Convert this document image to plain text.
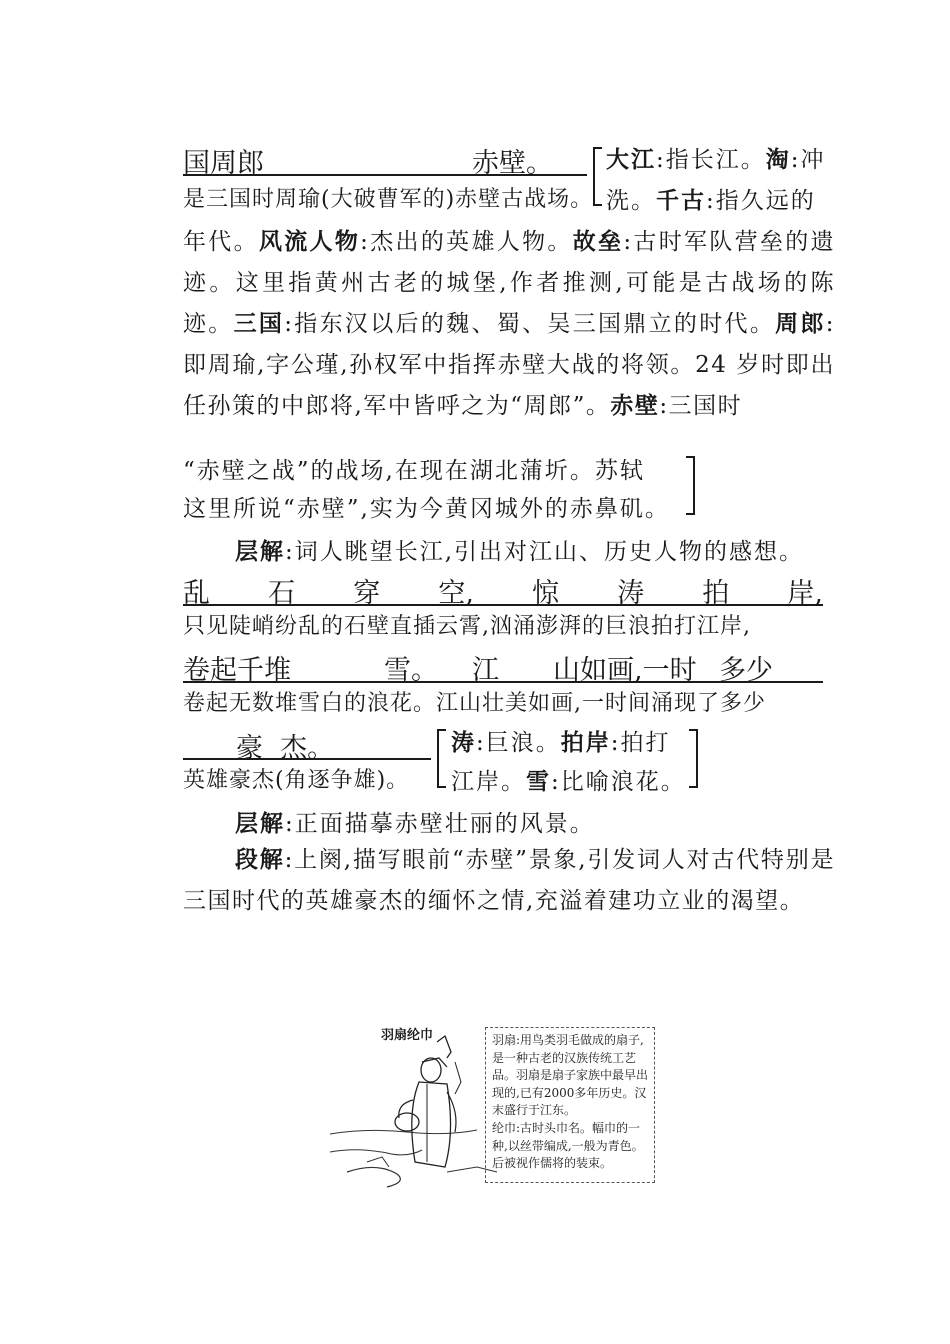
国周郎	赤壁。
是三国时周瑜(大破曹军的)赤壁古战场。
大江:指长江。淘:冲
洗。千古:指久远的
年代。风流人物:杰出的英雄人物。故垒:古时军队营垒的遗迹。这里指黄州古老的城堡,作者推测,可能是古战场的陈迹。三国:指东汉以后的魏、蜀、吴三国鼎立的时代。周郎:即周瑜,字公瑾,孙权军中指挥赤壁大战的将领。24 岁时即出任孙策的中郎将,军中皆呼之为“周郎”。赤壁:三国时
“赤壁之战”的战场,在现在湖北蒲圻。苏轼
这里所说“赤壁”,实为今黄冈城外的赤鼻矶。
层解:词人眺望长江,引出对江山、历史人物的感想。
乱 石 穿 空, 惊 涛 拍 岸,
只见陡峭纷乱的石壁直插云霄,汹涌澎湃的巨浪拍打江岸,
卷起千堆	雪。 江 山如画,一时 多少
卷起无数堆雪白的浪花。江山壮美如画,一时间涌现了多少
豪  杰。
英雄豪杰(角逐争雄)。
涛:巨浪。拍岸:拍打
江岸。雪:比喻浪花。
层解:正面描摹赤壁壮丽的风景。
段解:上阕,描写眼前“赤壁”景象,引发词人对古代特别是三国时代的英雄豪杰的缅怀之情,充溢着建功立业的渴望。
羽扇纶巾	羽扇:用鸟类羽毛做成的扇子,是一种古老的汉族传统工艺品。羽扇是扇子家族中最早出现的,已有2000多年历史。汉末盛行于江东。
纶巾:古时头巾名。幅巾的一种,以丝带编成,一般为青色。后被视作儒将的装束。
